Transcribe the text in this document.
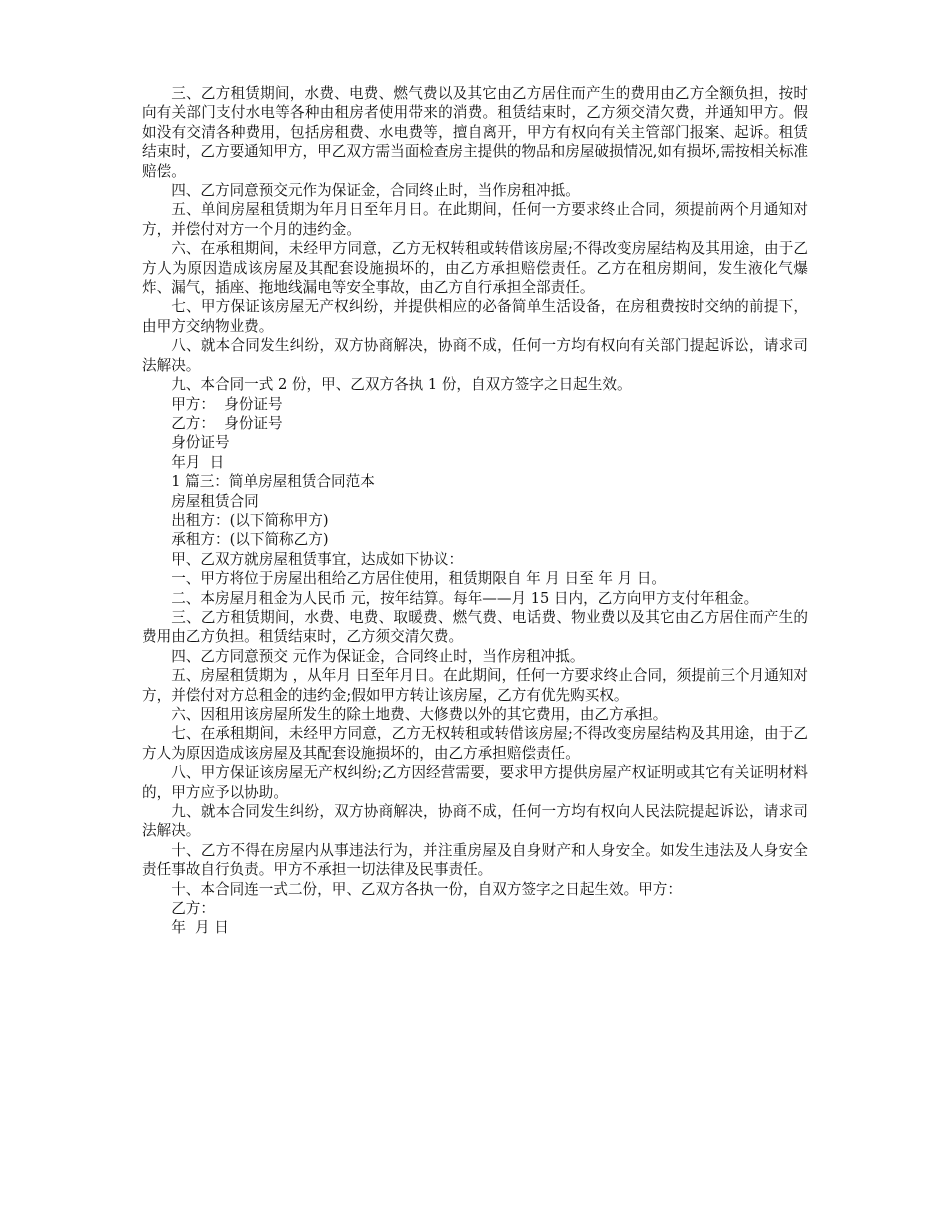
三、乙方租赁期间，水费、电费、燃气费以及其它由乙方居住而产生的费用由乙方全额负担，按时向有关部门支付水电等各种由租房者使用带来的消费。租赁结束时，乙方须交清欠费，并通知甲方。假如没有交清各种费用，包括房租费、水电费等，擅自离开，甲方有权向有关主管部门报案、起诉。租赁结束时，乙方要通知甲方，甲乙双方需当面检查房主提供的物品和房屋破损情况,如有损坏,需按相关标准赔偿。

四、乙方同意预交元作为保证金，合同终止时，当作房租冲抵。

五、单间房屋租赁期为年月日至年月日。在此期间，任何一方要求终止合同，须提前两个月通知对方，并偿付对方一个月的违约金。

六、在承租期间，未经甲方同意，乙方无权转租或转借该房屋;不得改变房屋结构及其用途，由于乙方人为原因造成该房屋及其配套设施损坏的，由乙方承担赔偿责任。乙方在租房期间，发生液化气爆炸、漏气，插座、拖地线漏电等安全事故，由乙方自行承担全部责任。

七、甲方保证该房屋无产权纠纷，并提供相应的必备简单生活设备，在房租费按时交纳的前提下，由甲方交纳物业费。

八、就本合同发生纠纷，双方协商解决，协商不成，任何一方均有权向有关部门提起诉讼，请求司法解决。

九、本合同一式 2 份，甲、乙双方各执 1 份，自双方签字之日起生效。

甲方：  身份证号

乙方：  身份证号

身份证号

年月  日

1 篇三：简单房屋租赁合同范本

房屋租赁合同

出租方：(以下简称甲方)

承租方：(以下简称乙方)

甲、乙双方就房屋租赁事宜，达成如下协议：

一、甲方将位于房屋出租给乙方居住使用，租赁期限自 年 月 日至 年 月 日。

二、本房屋月租金为人民币 元，按年结算。每年——月 15 日内，乙方向甲方支付年租金。

三、乙方租赁期间，水费、电费、取暖费、燃气费、电话费、物业费以及其它由乙方居住而产生的费用由乙方负担。租赁结束时，乙方须交清欠费。

四、乙方同意预交 元作为保证金，合同终止时，当作房租冲抵。

五、房屋租赁期为 ，从年月 日至年月日。在此期间，任何一方要求终止合同，须提前三个月通知对方，并偿付对方总租金的违约金;假如甲方转让该房屋，乙方有优先购买权。

六、因租用该房屋所发生的除土地费、大修费以外的其它费用，由乙方承担。

七、在承租期间，未经甲方同意，乙方无权转租或转借该房屋;不得改变房屋结构及其用途，由于乙方人为原因造成该房屋及其配套设施损坏的，由乙方承担赔偿责任。

八、甲方保证该房屋无产权纠纷;乙方因经营需要，要求甲方提供房屋产权证明或其它有关证明材料的，甲方应予以协助。

九、就本合同发生纠纷，双方协商解决，协商不成，任何一方均有权向人民法院提起诉讼，请求司法解决。

十、乙方不得在房屋内从事违法行为，并注重房屋及自身财产和人身安全。如发生违法及人身安全责任事故自行负责。甲方不承担一切法律及民事责任。

十、本合同连一式二份，甲、乙双方各执一份，自双方签字之日起生效。甲方：

乙方：

年  月 日
